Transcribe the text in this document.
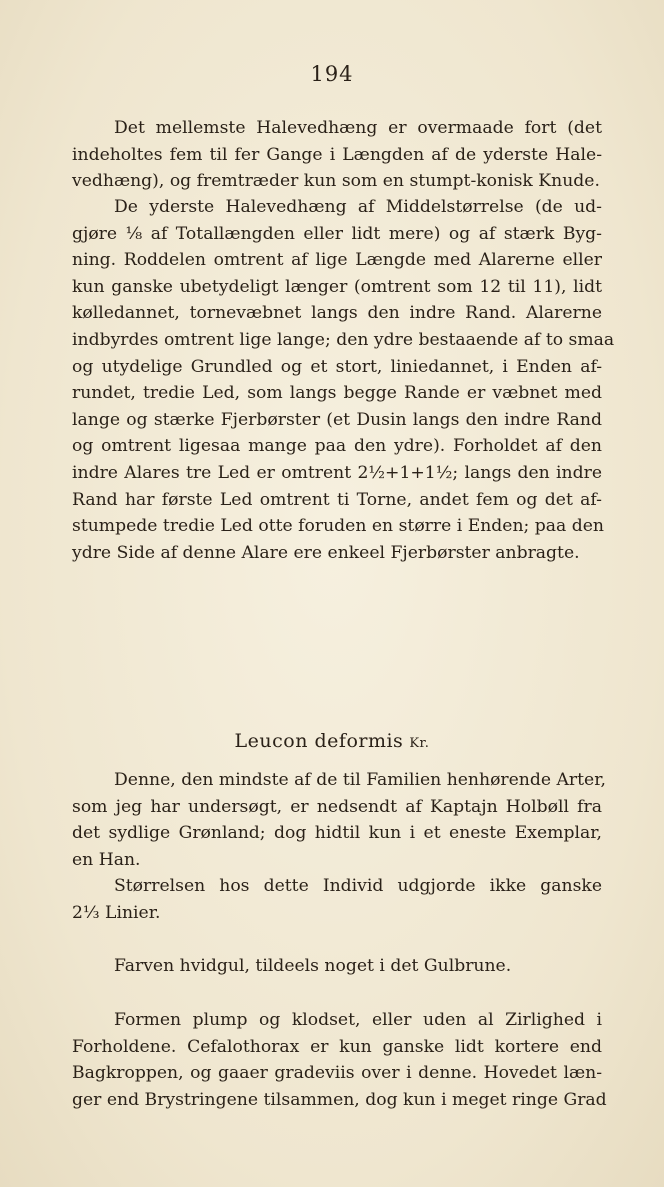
194
Det mellemste Halevedhæng er overmaade fort (det
indeholtes fem til fer Gange i Længden af de yderste Hale-
vedhæng), og fremtræder kun som en stumpt-konisk Knude.
De yderste Halevedhæng af Middelstørrelse (de ud-
gjøre ⅛ af Totallængden eller lidt mere) og af stærk Byg-
ning. Roddelen omtrent af lige Længde med Alarerne eller
kun ganske ubetydeligt længer (omtrent som 12 til 11), lidt
kølledannet, tornevæbnet langs den indre Rand. Alarerne
indbyrdes omtrent lige lange; den ydre bestaaende af to smaa
og utydelige Grundled og et stort, liniedannet, i Enden af-
rundet, tredie Led, som langs begge Rande er væbnet med
lange og stærke Fjerbørster (et Dusin langs den indre Rand
og omtrent ligesaa mange paa den ydre). Forholdet af den
indre Alares tre Led er omtrent 2½+1+1½; langs den indre
Rand har første Led omtrent ti Torne, andet fem og det af-
stumpede tredie Led otte foruden en større i Enden; paa den
ydre Side af denne Alare ere enkeel Fjerbørster anbragte.
Leucon deformis Kr.
Denne, den mindste af de til Familien henhørende Arter,
som jeg har undersøgt, er nedsendt af Kaptajn Holbøll fra
det sydlige Grønland; dog hidtil kun i et eneste Exemplar,
en Han.
Størrelsen hos dette Individ udgjorde ikke ganske
2⅓ Linier.
Farven hvidgul, tildeels noget i det Gulbrune.
Formen plump og klodset, eller uden al Zirlighed i
Forholdene. Cefalothorax er kun ganske lidt kortere end
Bagkroppen, og gaaer gradeviis over i denne. Hovedet læn-
ger end Brystringene tilsammen, dog kun i meget ringe Grad
